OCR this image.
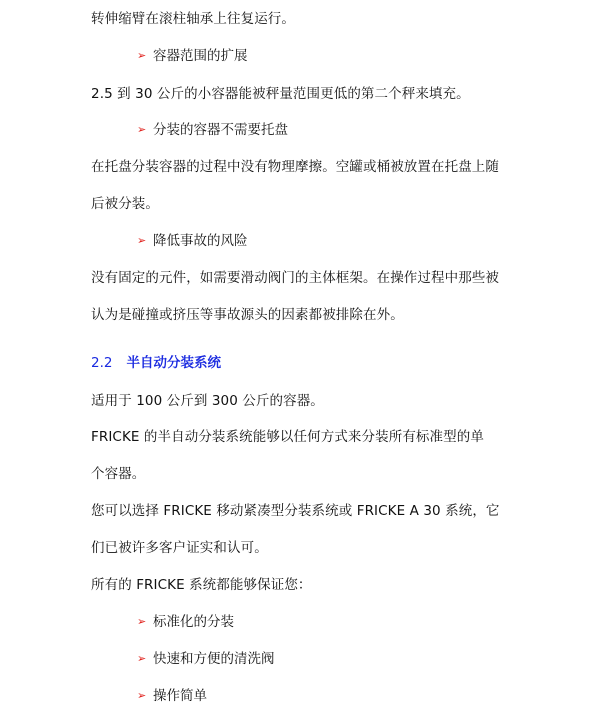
转伸缩臂在滚柱轴承上往复运行。
➢ 容器范围的扩展
2.5 到 30 公斤的小容器能被秤量范围更低的第二个秤来填充。
➢ 分装的容器不需要托盘
在托盘分装容器的过程中没有物理摩擦。空罐或桶被放置在托盘上随
后被分装。
➢ 降低事故的风险
没有固定的元件，如需要滑动阀门的主体框架。在操作过程中那些被
认为是碰撞或挤压等事故源头的因素都被排除在外。
2.2 半自动分装系统
适用于 100 公斤到 300 公斤的容器。
FRICKE 的半自动分装系统能够以任何方式来分装所有标准型的单
个容器。
您可以选择 FRICKE 移动紧凑型分装系统或 FRICKE A 30 系统，它
们已被许多客户证实和认可。
所有的 FRICKE 系统都能够保证您：
➢ 标准化的分装
➢ 快速和方便的清洗阀
➢ 操作简单
